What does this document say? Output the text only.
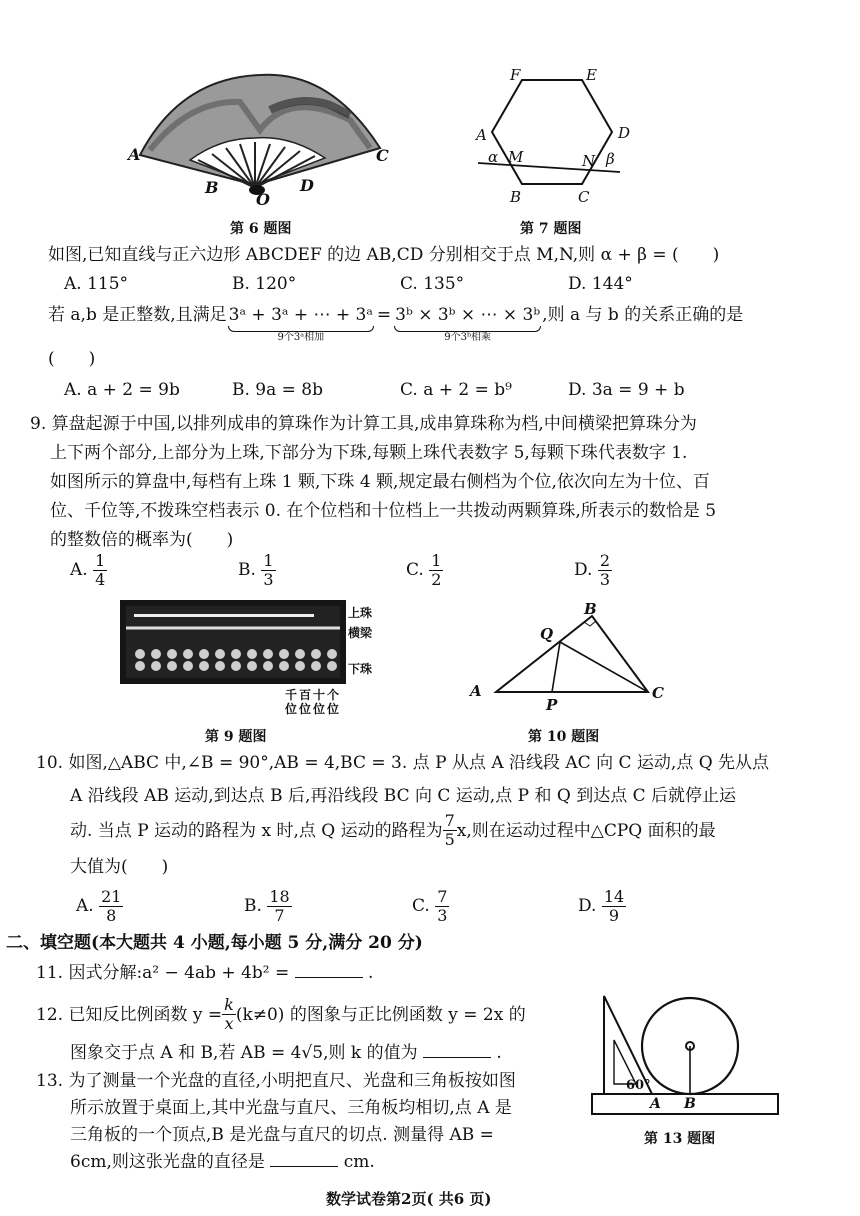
A
B
O
D
C
第 6 题图
F	E
A	D
α M	N β
B	C
第 7 题图
如图,已知直线与正六边形 ABCDEF 的边 AB,CD 分别相交于点 M,N,则 α + β = (　　)
A. 115°	B. 120°	C. 135°	D. 144°
若 a,b 是正整数,且满足 3ᵃ + 3ᵃ + ⋯ + 3ᵃ
9个3ᵃ相加
= 3ᵇ × 3ᵇ × ⋯ × 3ᵇ
9个3ᵇ相乘
,则 a 与 b 的关系正确的是
(　　)
A. a + 2 = 9b	B. 9a = 8b	C. a + 2 = b⁹	D. 3a = 9 + b
9. 算盘起源于中国,以排列成串的算珠作为计算工具,成串算珠称为档,中间横梁把算珠分为
上下两个部分,上部分为上珠,下部分为下珠,每颗上珠代表数字 5,每颗下珠代表数字 1.
如图所示的算盘中,每档有上珠 1 颗,下珠 4 颗,规定最右侧档为个位,依次向左为十位、百
位、千位等,不拨珠空档表示 0. 在个位档和十位档上一共拨动两颗算珠,所表示的数恰是 5
的整数倍的概率为(　　)
A. $\frac{1}{4}$	B. $\frac{1}{3}$	C. $\frac{1}{2}$	D. $\frac{2}{3}$
上珠
横梁
下珠
千百十个
位位位位
第 9 题图
B
Q
A
P
C
第 10 题图
10. 如图,△ABC 中,∠B = 90°,AB = 4,BC = 3. 点 P 从点 A 沿线段 AC 向 C 运动,点 Q 先从点
A 沿线段 AB 运动,到达点 B 后,再沿线段 BC 向 C 运动,点 P 和 Q 到达点 C 后就停止运
动. 当点 P 运动的路程为 x 时,点 Q 运动的路程为 $\frac{7}{5} x$,则在运动过程中△CPQ 面积的最
大值为(　　)
A. $\frac{21}{8}$	B. $\frac{18}{7}$	C. $\frac{7}{3}$	D. $\frac{14}{9}$
二、填空题(本大题共 4 小题,每小题 5 分,满分 20 分)
11. 因式分解:a² − 4ab + 4b² =	.
12. 已知反比例函数 $y = \frac{k}{x} (k\ne 0)$ 的图象与正比例函数 y = 2x 的
图象交于点 A 和 B,若 AB = 4√5,则 k 的值为	.
13. 为了测量一个光盘的直径,小明把直尺、光盘和三角板按如图
所示放置于桌面上,其中光盘与直尺、三角板均相切,点 A 是
三角板的一个顶点,B 是光盘与直尺的切点. 测量得 AB =
6cm,则这张光盘的直径是	cm.
60°
A B
第 13 题图
数学试卷第2页( 共6 页)
